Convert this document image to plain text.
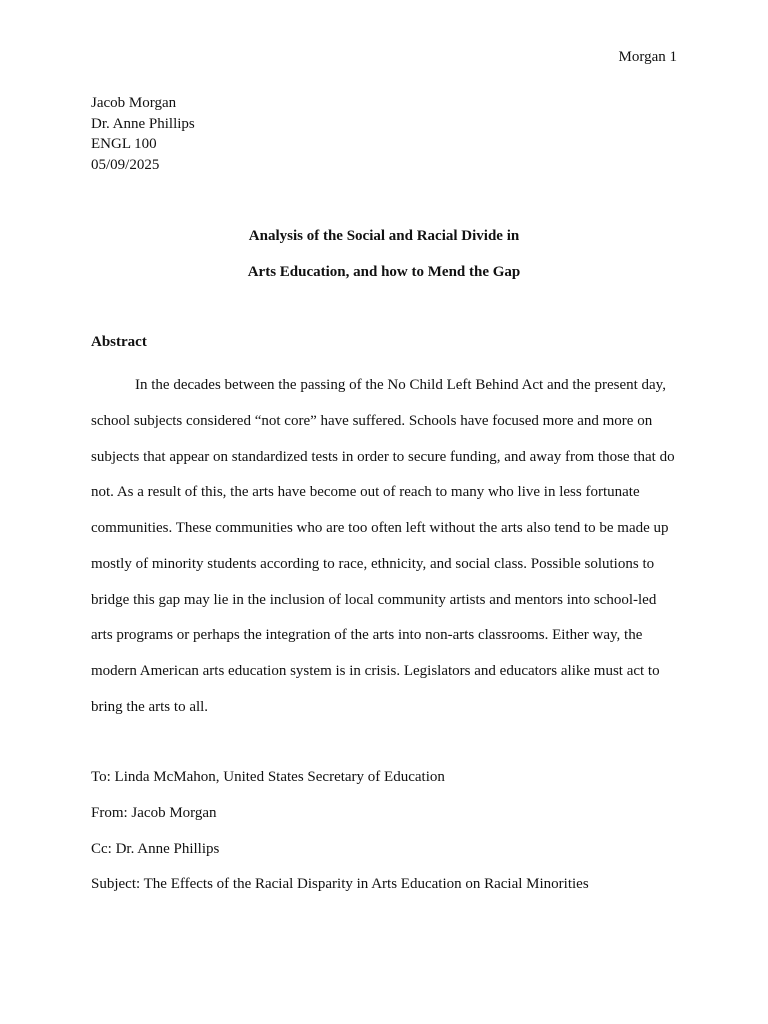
Morgan 1
Jacob Morgan
Dr. Anne Phillips
ENGL 100
05/09/2025
Analysis of the Social and Racial Divide in
Arts Education, and how to Mend the Gap
Abstract
In the decades between the passing of the No Child Left Behind Act and the present day,
school subjects considered “not core” have suffered. Schools have focused more and more on
subjects that appear on standardized tests in order to secure funding, and away from those that do
not. As a result of this, the arts have become out of reach to many who live in less fortunate
communities. These communities who are too often left without the arts also tend to be made up
mostly of minority students according to race, ethnicity, and social class. Possible solutions to
bridge this gap may lie in the inclusion of local community artists and mentors into school-led
arts programs or perhaps the integration of the arts into non-arts classrooms. Either way, the
modern American arts education system is in crisis. Legislators and educators alike must act to
bring the arts to all.
To: Linda McMahon, United States Secretary of Education
From: Jacob Morgan
Cc: Dr. Anne Phillips
Subject: The Effects of the Racial Disparity in Arts Education on Racial Minorities
